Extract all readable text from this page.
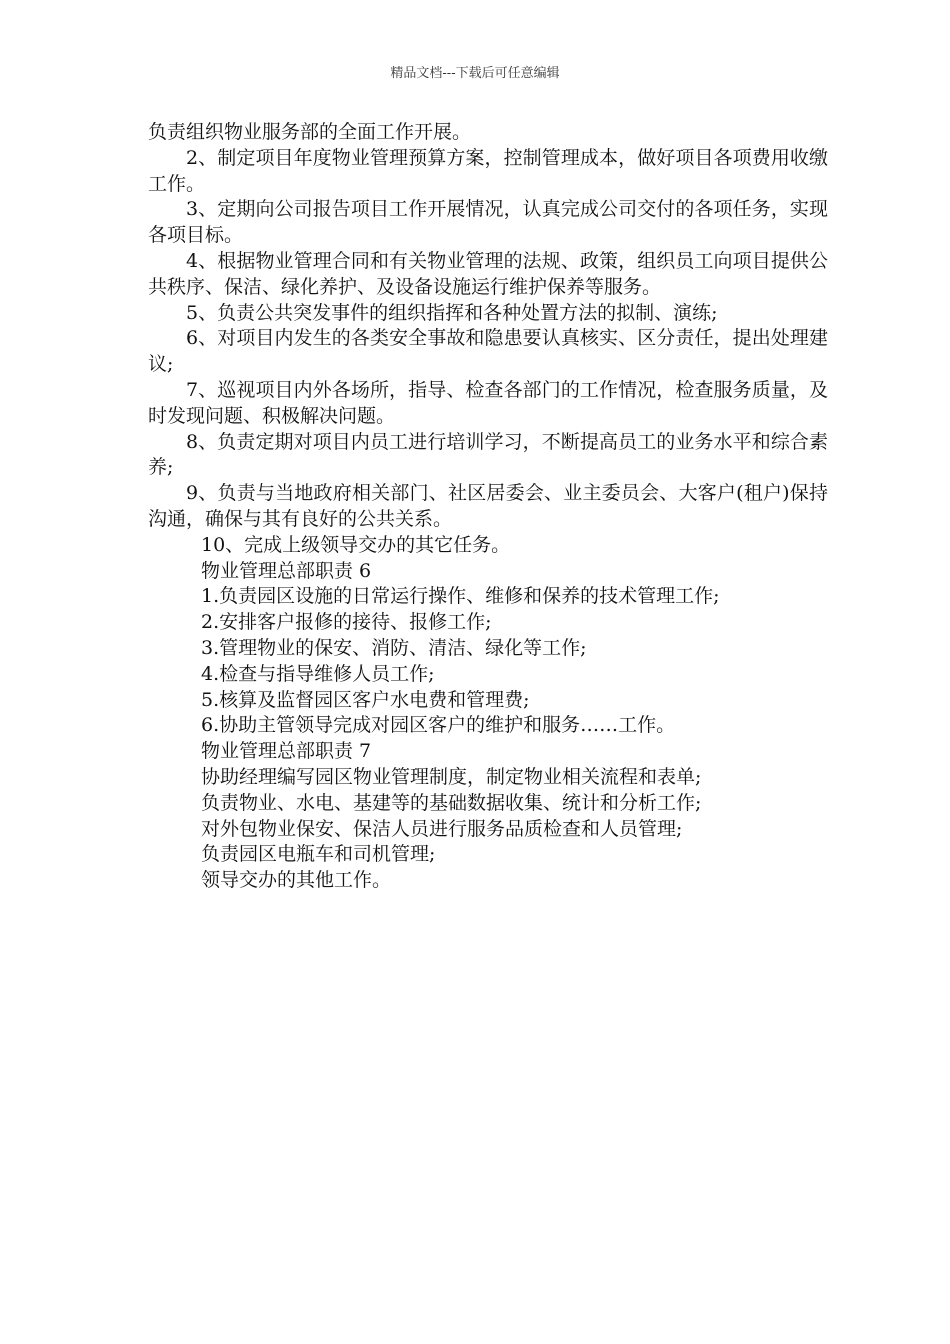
精品文档---下载后可任意编辑

负责组织物业服务部的全面工作开展。

2、制定项目年度物业管理预算方案，控制管理成本，做好项目各项费用收缴工作。

3、定期向公司报告项目工作开展情况，认真完成公司交付的各项任务，实现各项目标。

4、根据物业管理合同和有关物业管理的法规、政策，组织员工向项目提供公共秩序、保洁、绿化养护、及设备设施运行维护保养等服务。

5、负责公共突发事件的组织指挥和各种处置方法的拟制、演练;

6、对项目内发生的各类安全事故和隐患要认真核实、区分责任，提出处理建议;

7、巡视项目内外各场所，指导、检查各部门的工作情况，检查服务质量，及时发现问题、积极解决问题。

8、负责定期对项目内员工进行培训学习，不断提高员工的业务水平和综合素养;

9、负责与当地政府相关部门、社区居委会、业主委员会、大客户(租户)保持沟通，确保与其有良好的公共关系。

10、完成上级领导交办的其它任务。

物业管理总部职责 6

1.负责园区设施的日常运行操作、维修和保养的技术管理工作;

2.安排客户报修的接待、报修工作;

3.管理物业的保安、消防、清洁、绿化等工作;

4.检查与指导维修人员工作;

5.核算及监督园区客户水电费和管理费;

6.协助主管领导完成对园区客户的维护和服务……工作。

物业管理总部职责 7

协助经理编写园区物业管理制度，制定物业相关流程和表单;

负责物业、水电、基建等的基础数据收集、统计和分析工作;

对外包物业保安、保洁人员进行服务品质检查和人员管理;

负责园区电瓶车和司机管理;

领导交办的其他工作。
